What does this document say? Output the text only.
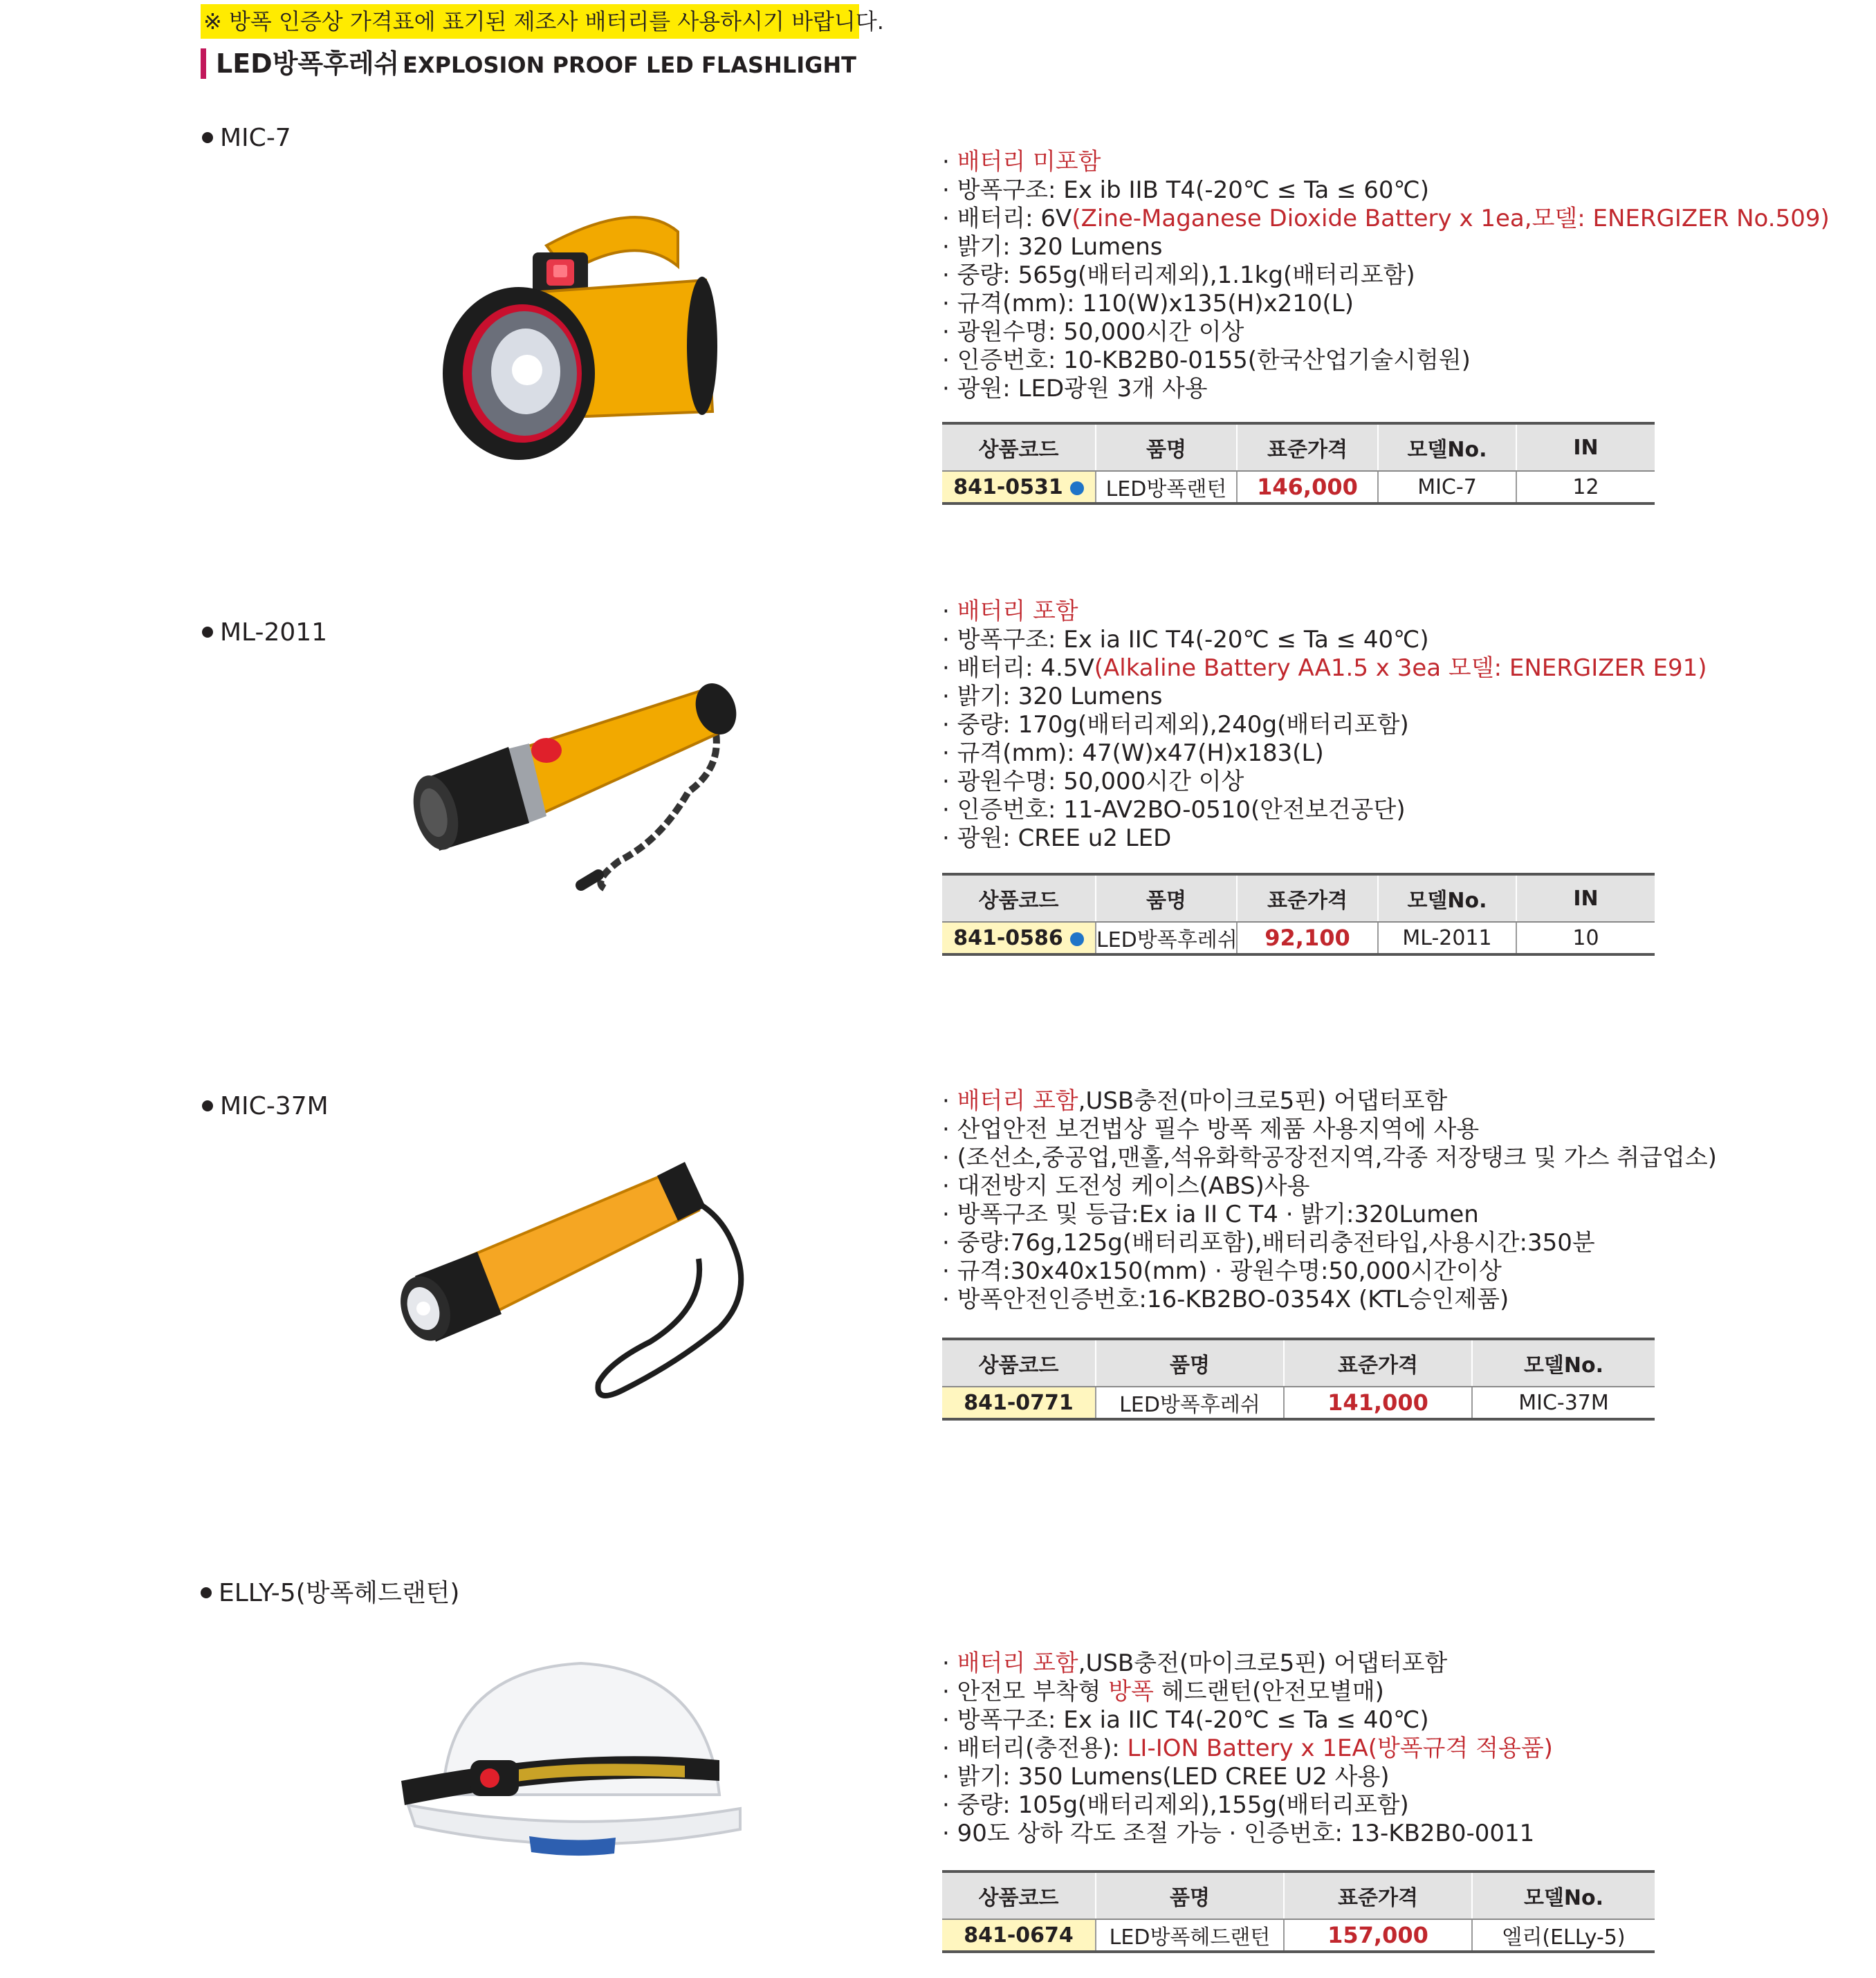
※ 방폭 인증상 가격표에 표기된 제조사 배터리를 사용하시기 바랍니다.
LED방폭후레쉬 EXPLOSION PROOF LED FLASHLIGHT
MIC-7
· 배터리 미포함
· 방폭구조: Ex ib IIB T4(-20℃ ≤ Ta ≤ 60℃)
· 배터리: 6V(Zine-Maganese Dioxide Battery x 1ea,모델: ENERGIZER No.509)
· 밝기: 320 Lumens
· 중량: 565g(배터리제외),1.1kg(배터리포함)
· 규격(mm): 110(W)x135(H)x210(L)
· 광원수명: 50,000시간 이상
· 인증번호: 10-KB2B0-0155(한국산업기술시험원)
· 광원: LED광원 3개 사용
상품코드	품명	표준가격	모델No.	IN
841-0531	LED방폭랜턴	146,000	MIC-7	12
ML-2011
· 배터리 포함
· 방폭구조: Ex ia IIC T4(-20℃ ≤ Ta ≤ 40℃)
· 배터리: 4.5V(Alkaline Battery AA1.5 x 3ea 모델: ENERGIZER E91)
· 밝기: 320 Lumens
· 중량: 170g(배터리제외),240g(배터리포함)
· 규격(mm): 47(W)x47(H)x183(L)
· 광원수명: 50,000시간 이상
· 인증번호: 11-AV2BO-0510(안전보건공단)
· 광원: CREE u2 LED
상품코드	품명	표준가격	모델No.	IN
841-0586	LED방폭후레쉬	92,100	ML-2011	10
MIC-37M	· 배터리 포함,USB충전(마이크로5핀) 어댑터포함
· 산업안전 보건법상 필수 방폭 제품 사용지역에 사용
· (조선소,중공업,맨홀,석유화학공장전지역,각종 저장탱크 및 가스 취급업소)
· 대전방지 도전성 케이스(ABS)사용
· 방폭구조 및 등급:Ex ia II C T4 · 밝기:320Lumen
· 중량:76g,125g(배터리포함),배터리충전타입,사용시간:350분
· 규격:30x40x150(mm) · 광원수명:50,000시간이상
· 방폭안전인증번호:16-KB2BO-0354X (KTL승인제품)
상품코드	품명	표준가격	모델No.
841-0771	LED방폭후레쉬	141,000	MIC-37M
ELLY-5(방폭헤드랜턴)
· 배터리 포함,USB충전(마이크로5핀) 어댑터포함
· 안전모 부착형 방폭 헤드랜턴(안전모별매)
· 방폭구조: Ex ia IIC T4(-20℃ ≤ Ta ≤ 40℃)
· 배터리(충전용): LI-ION Battery x 1EA(방폭규격 적용품)
· 밝기: 350 Lumens(LED CREE U2 사용)
· 중량: 105g(배터리제외),155g(배터리포함)
· 90도 상하 각도 조절 가능 · 인증번호: 13-KB2B0-0011
상품코드	품명	표준가격	모델No.
841-0674	LED방폭헤드랜턴	157,000	엘리(ELLy-5)
